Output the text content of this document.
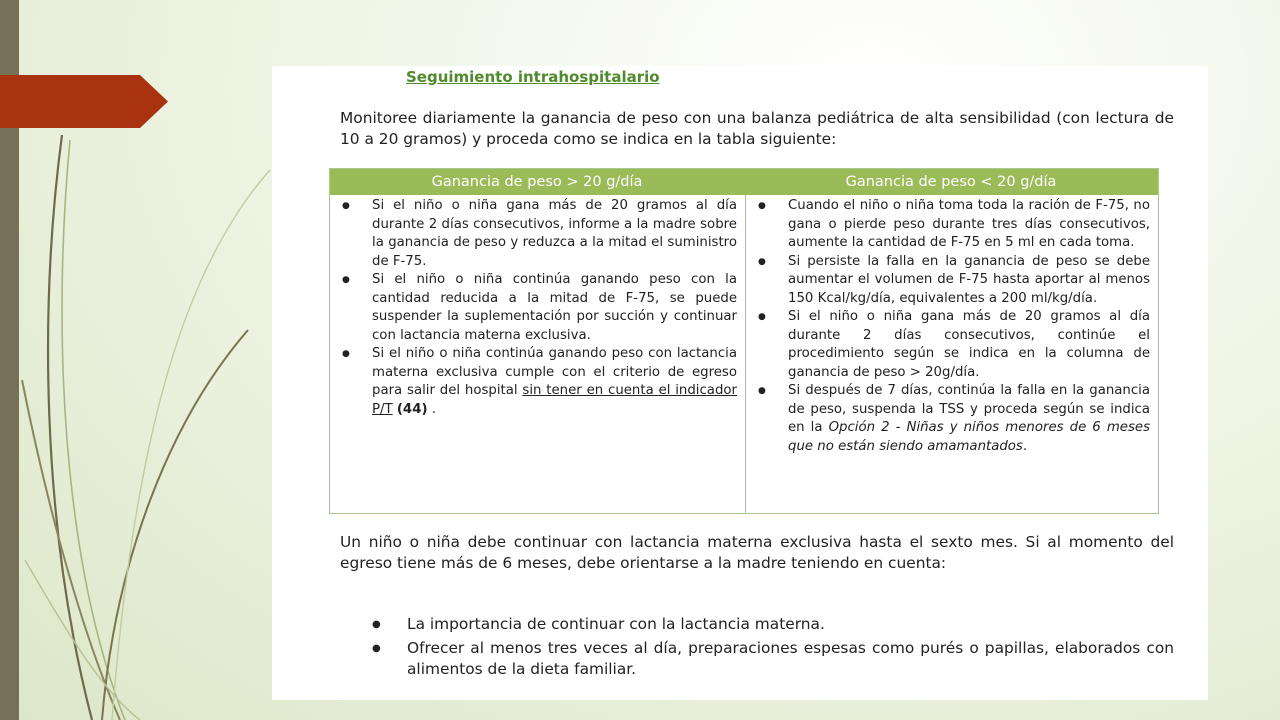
Seguimiento intrahospitalario

Monitoree diariamente la ganancia de peso con una balanza pediátrica de alta sensibilidad (con lectura de 10 a 20 gramos) y proceda como se indica en la tabla siguiente:

Ganancia de peso > 20 g/día	Ganancia de peso < 20 g/día
● Si el niño o niña gana más de 20 gramos al día durante 2 días consecutivos, informe a la madre sobre la ganancia de peso y reduzca a la mitad el suministro de F-75.
● Si el niño o niña continúa ganando peso con la cantidad reducida a la mitad de F-75, se puede suspender la suplementación por succión y continuar con lactancia materna exclusiva.
● Si el niño o niña continúa ganando peso con lactancia materna exclusiva cumple con el criterio de egreso para salir del hospital sin tener en cuenta el indicador P/T (44) .
● Cuando el niño o niña toma toda la ración de F-75, no gana o pierde peso durante tres días consecutivos, aumente la cantidad de F-75 en 5 ml en cada toma.
● Si persiste la falla en la ganancia de peso se debe aumentar el volumen de F-75 hasta aportar al menos 150 Kcal/kg/día, equivalentes a 200 ml/kg/día.
● Si el niño o niña gana más de 20 gramos al día durante 2 días consecutivos, continúe el procedimiento según se indica en la columna de ganancia de peso > 20g/día.
● Si después de 7 días, continúa la falla en la ganancia de peso, suspenda la TSS y proceda según se indica en la Opción 2 - Niñas y niños menores de 6 meses que no están siendo amamantados.

Un niño o niña debe continuar con lactancia materna exclusiva hasta el sexto mes. Si al momento del egreso tiene más de 6 meses, debe orientarse a la madre teniendo en cuenta:

● La importancia de continuar con la lactancia materna.
● Ofrecer al menos tres veces al día, preparaciones espesas como purés o papillas, elaborados con alimentos de la dieta familiar.
